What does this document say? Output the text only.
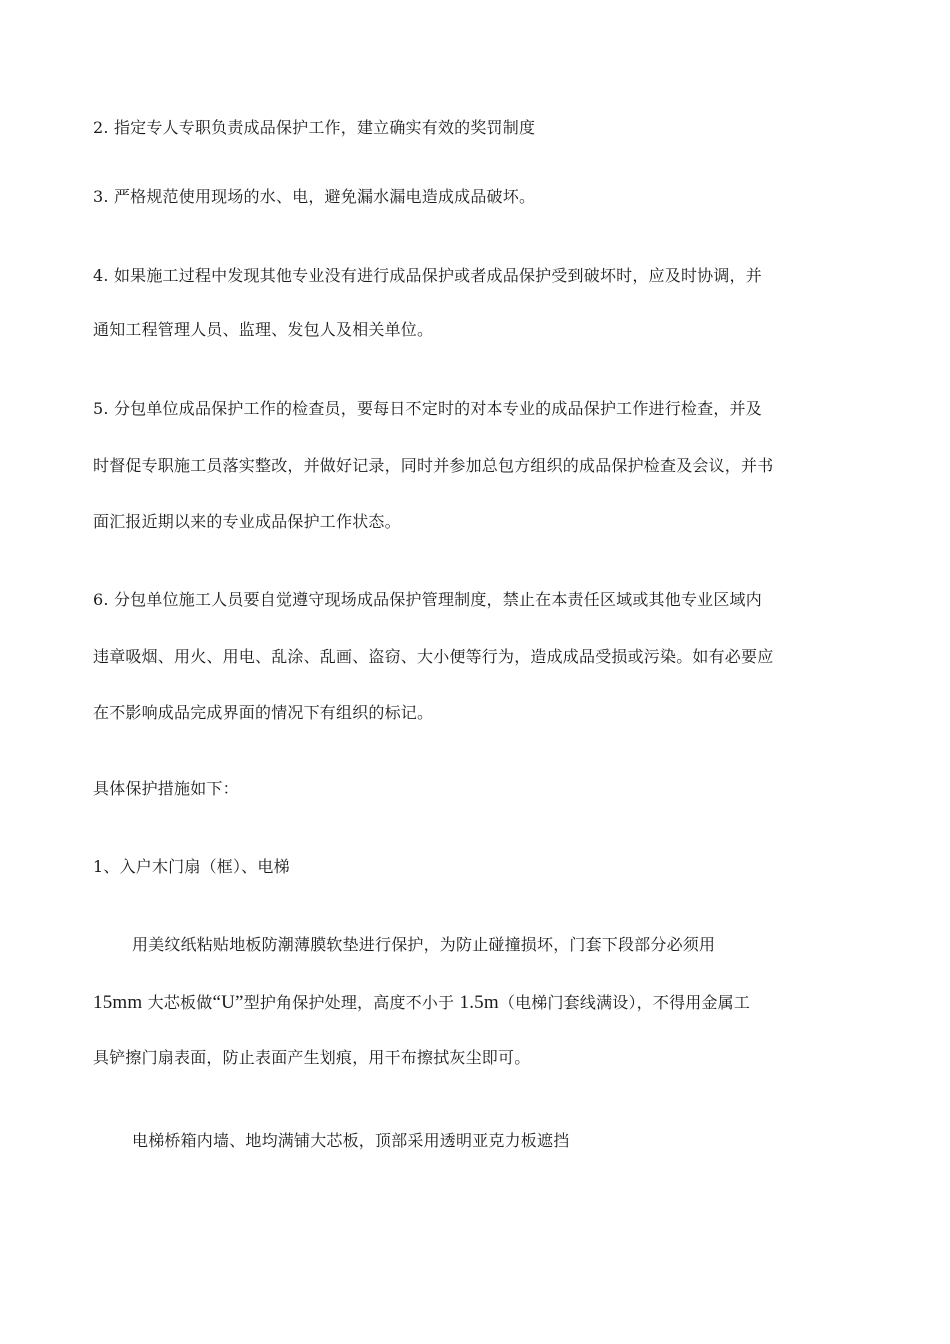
2. 指定专人专职负责成品保护工作，建立确实有效的奖罚制度
3. 严格规范使用现场的水、电，避免漏水漏电造成成品破坏。
4. 如果施工过程中发现其他专业没有进行成品保护或者成品保护受到破坏时，应及时协调，并
通知工程管理人员、监理、发包人及相关单位。
5. 分包单位成品保护工作的检查员，要每日不定时的对本专业的成品保护工作进行检查，并及
时督促专职施工员落实整改，并做好记录，同时并参加总包方组织的成品保护检查及会议，并书
面汇报近期以来的专业成品保护工作状态。
6. 分包单位施工人员要自觉遵守现场成品保护管理制度，禁止在本责任区域或其他专业区域内
违章吸烟、用火、用电、乱涂、乱画、盗窃、大小便等行为，造成成品受损或污染。如有必要应
在不影响成品完成界面的情况下有组织的标记。
具体保护措施如下：
1、入户木门扇（框）、电梯
用美纹纸粘贴地板防潮薄膜软垫进行保护，为防止碰撞损坏，门套下段部分必须用
15mm 大芯板做“U”型护角保护处理，高度不小于 1.5m（电梯门套线满设），不得用金属工
具铲擦门扇表面，防止表面产生划痕，用干布擦拭灰尘即可。
电梯桥箱内墙、地均满铺大芯板，顶部采用透明亚克力板遮挡
